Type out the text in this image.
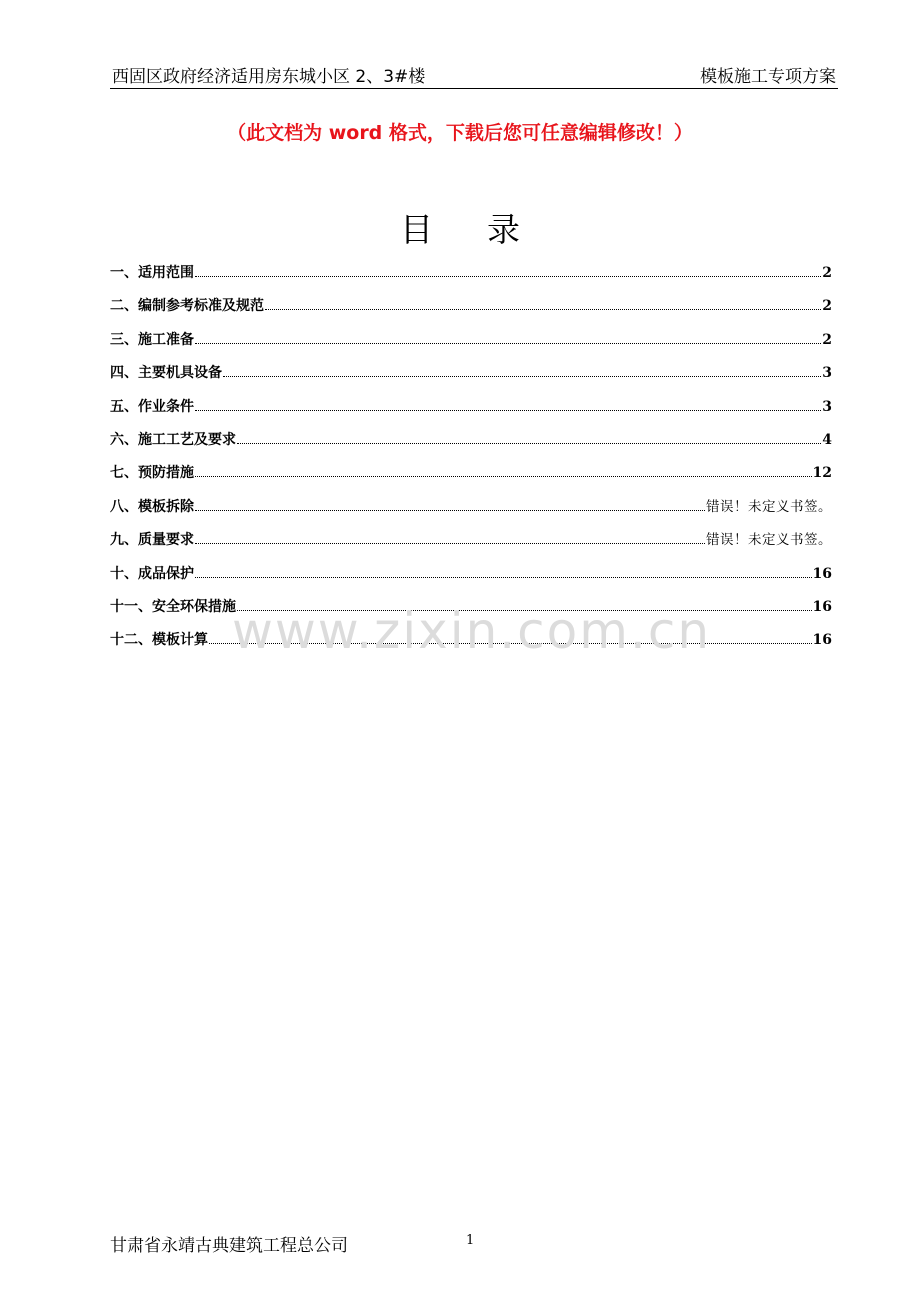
西固区政府经济适用房东城小区 2、3#楼	模板施工专项方案
（此文档为 word 格式，下载后您可任意编辑修改！）
目录
一、适用范围	2
二、编制参考标准及规范	2
三、施工准备	2
四、主要机具设备	3
五、作业条件	3
六、施工工艺及要求	4
七、预防措施	12
八、模板拆除	错误！未定义书签。
九、质量要求	错误！未定义书签。
十、成品保护	16
十一、安全环保措施	16
十二、模板计算	16
www.zixin.com.cn
甘肃省永靖古典建筑工程总公司	1
